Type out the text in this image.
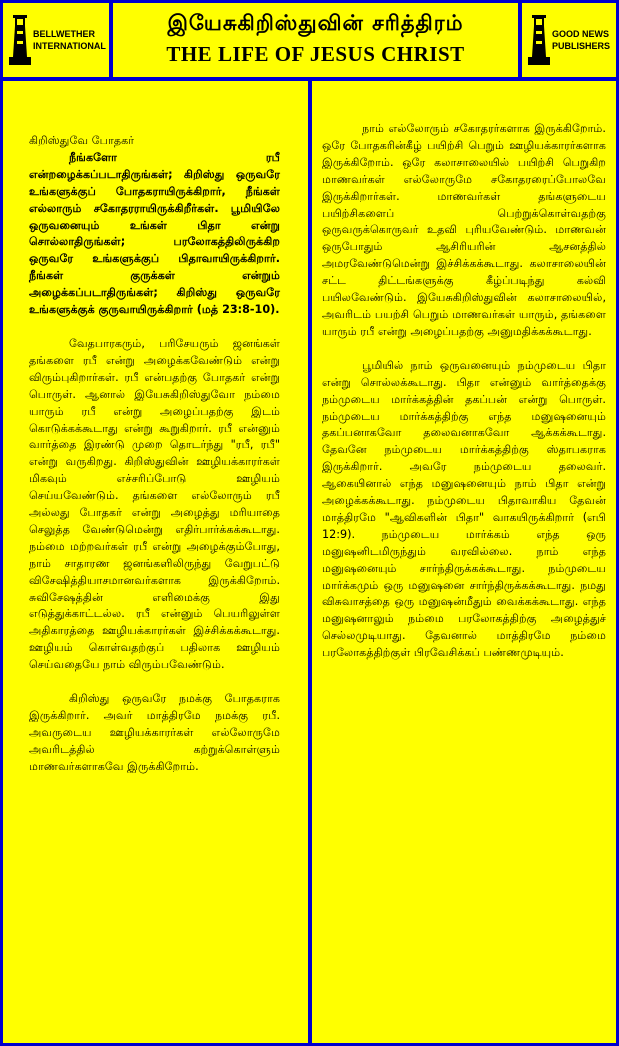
BELLWETHER
INTERNATIONAL
இயேசுகிறிஸ்துவின் சரித்திரம்
THE LIFE OF JESUS CHRIST
GOOD NEWS
PUBLISHERS

கிறிஸ்துவே போதகர்

நீங்களோ ரபீ என்றழைக்கப்படாதிருங்கள்; கிறிஸ்து ஒருவரே உங்களுக்குப் போதகராயிருக்கிறார், நீங்கள் எல்லாரும் சகோதரராயிருக்கிறீர்கள். பூமியிலே ஒருவனையும் உங்கள் பிதா என்று சொல்லாதிருங்கள்; பரலோகத்திலிருக்கிற ஒருவரே உங்களுக்குப் பிதாவாயிருக்கிறார். நீங்கள் குருக்கள் என்றும் அழைக்கப்படாதிருங்கள்; கிறிஸ்து ஒருவரே உங்களுக்குக் குருவாயிருக்கிறார் (மத் 23:8-10).

வேதபாரகரும், பரிசேயரும் ஜனங்கள் தங்களை ரபீ என்று அழைக்கவேண்டும் என்று விரும்புகிறார்கள். ரபீ என்பதற்கு போதகர் என்று பொருள். ஆனால் இயேசுகிறிஸ்துவோ நம்மை யாரும் ரபீ என்று அழைப்பதற்கு இடம் கொடுக்கக்கூடாது என்று கூறுகிறார். ரபீ என்னும் வார்த்தை இரண்டு முறை தொடர்ந்து "ரபீ, ரபீ" என்று வருகிறது. கிறிஸ்துவின் ஊழியக்காரர்கள் மிகவும் எச்சரிப்போடு ஊழியம் செய்யவேண்டும். தங்களை எல்லோரும் ரபீ அல்லது போதகர் என்று அழைத்து மரியாதை செலுத்த வேண்டுமென்று எதிர்பார்க்கக்கூடாது. நம்மை மற்றவர்கள் ரபீ என்று அழைக்கும்போது, நாம் சாதாரண ஜனங்களிலிருந்து வேறுபட்டு விசேஷித்தியாசமானவர்களாக இருக்கிறோம். சுவிசேஷத்தின் எளிமைக்கு இது எடுத்துக்காட்டல்ல. ரபீ என்னும் பெயரிலுள்ள அதிகாரத்தை ஊழியக்காரர்கள் இச்சிக்கக்கூடாது. ஊழியம் கொள்வதற்குப் பதிலாக ஊழியம் செய்வதையே நாம் விரும்பவேண்டும்.

கிறிஸ்து ஒருவரே நமக்கு போதகராக இருக்கிறார். அவர் மாத்திரமே நமக்கு ரபீ. அவருடைய ஊழியக்காரர்கள் எல்லோருமே அவரிடத்தில் கற்றுக்கொள்ளும் மாணவர்களாகவே இருக்கிறோம்.

நாம் எல்லோரும் சகோதரர்களாக இருக்கிறோம். ஒரே போதகரின்கீழ் பயிற்சி பெறும் ஊழியக்காரர்களாக இருக்கிறோம். ஒரே கலாசாலையில் பயிற்சி பெறுகிற மாணவர்கள் எல்லோருமே சகோதரரைப்போலவே இருக்கிறார்கள். மாணவர்கள் தங்களுடைய பயிற்சிகளைப் பெற்றுக்கொள்வதற்கு ஒருவருக்கொருவர் உதவி புரியவேண்டும். மாணவன் ஒருபோதும் ஆசிரியரின் ஆசனத்தில் அமரவேண்டுமென்று இச்சிக்கக்கூடாது. கலாசாலையின் சட்ட திட்டங்களுக்கு கீழ்ப்படிந்து கல்வி பயிலவேண்டும். இயேசுகிறிஸ்துவின் கலாசாலையில், அவரிடம் பயற்சி பெறும் மாணவர்கள் யாரும், தங்களை யாரும் ரபீ என்று அழைப்பதற்கு அனுமதிக்கக்கூடாது.

பூமியில் நாம் ஒருவனையும் நம்முடைய பிதா என்று சொல்லக்கூடாது. பிதா என்னும் வார்த்தைக்கு நம்முடைய மார்க்கத்தின் தகப்பன் என்று பொருள். நம்முடைய மார்க்கத்திற்கு எந்த மனுஷனையும் தகப்பனாகவோ தலைவனாகவோ ஆக்கக்கூடாது. தேவனே நம்முடைய மார்க்கத்திற்கு ஸ்தாபகராக இருக்கிறார். அவரே நம்முடைய தலைவர். ஆகையினால் எந்த மனுஷனையும் நாம் பிதா என்று அழைக்கக்கூடாது. நம்முடைய பிதாவாகிய தேவன் மாத்திரமே "ஆவிகளின் பிதா" வாகயிருக்கிறார் (எபி 12:9). நம்முடைய மார்க்கம் எந்த ஒரு மனுஷனிடமிருந்தும் வரவில்லை. நாம் எந்த மனுஷனையும் சார்ந்திருக்கக்கூடாது. நம்முடைய மார்க்கமும் ஒரு மனுஷனை சார்ந்திருக்கக்கூடாது. நமது விசுவாசத்தை ஒரு மனுஷன்மீதும் வைக்கக்கூடாது. எந்த மனுஷனாலும் நம்மை பரலோகத்திற்கு அழைத்துச் செல்லமுடியாது. தேவனால் மாத்திரமே நம்மை பரலோகத்திற்குள் பிரவேசிக்கப் பண்ணமுடியும்.
